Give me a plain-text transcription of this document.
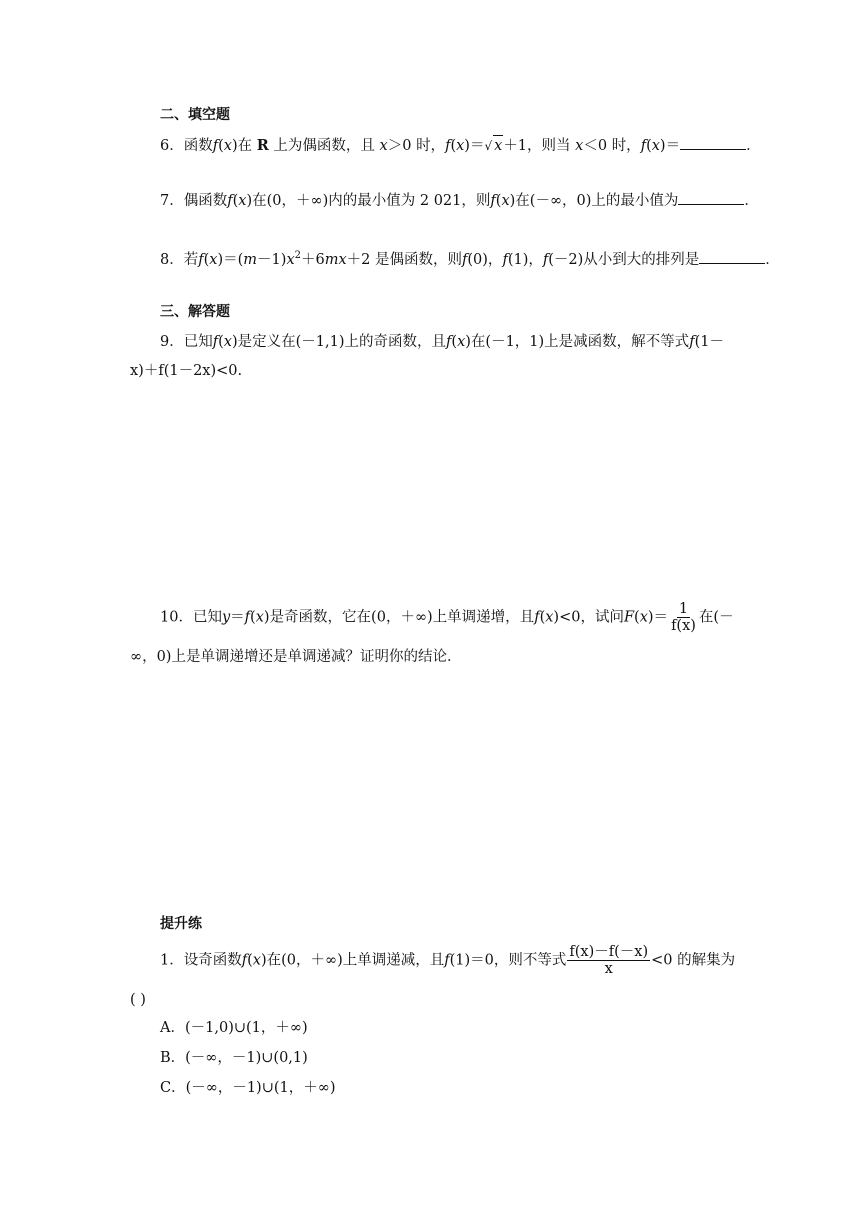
二、填空题
6．函数f(x)在 R 上为偶函数，且 x＞0 时，f(x)＝√ x＋1，则当 x＜0 时，f(x)＝	．
7．偶函数f(x)在(0，＋∞)内的最小值为 2 021，则f(x)在(－∞，0)上的最小值为	．
8．若$f(x)=(m-1)x^2+6mx+2$ 是偶函数，则f(0)，f(1)，f(－2)从小到大的排列是	．
三、解答题
9．已知f(x)是定义在(－1,1)上的奇函数，且f(x)在(－1，1)上是减函数，解不等式f(1－
x)＋f(1－2x)<0.
10．已知y＝f(x)是奇函数，它在(0，＋∞)上单调递增，且f(x)<0，试问$F(x)= \frac{1}{f(x)}$ 在(－
∞，0)上是单调递增还是单调递减？证明你的结论．
提升练
1．设奇函数f(x)在(0，＋∞)上单调递减，且f(1)＝0，则不等式 $\frac{f(x)-f(-x)}{x} <0$ 的解集为
( )
A．(－1,0)∪(1，＋∞)
B．(－∞，－1)∪(0,1)
C．(－∞，－1)∪(1，＋∞)
